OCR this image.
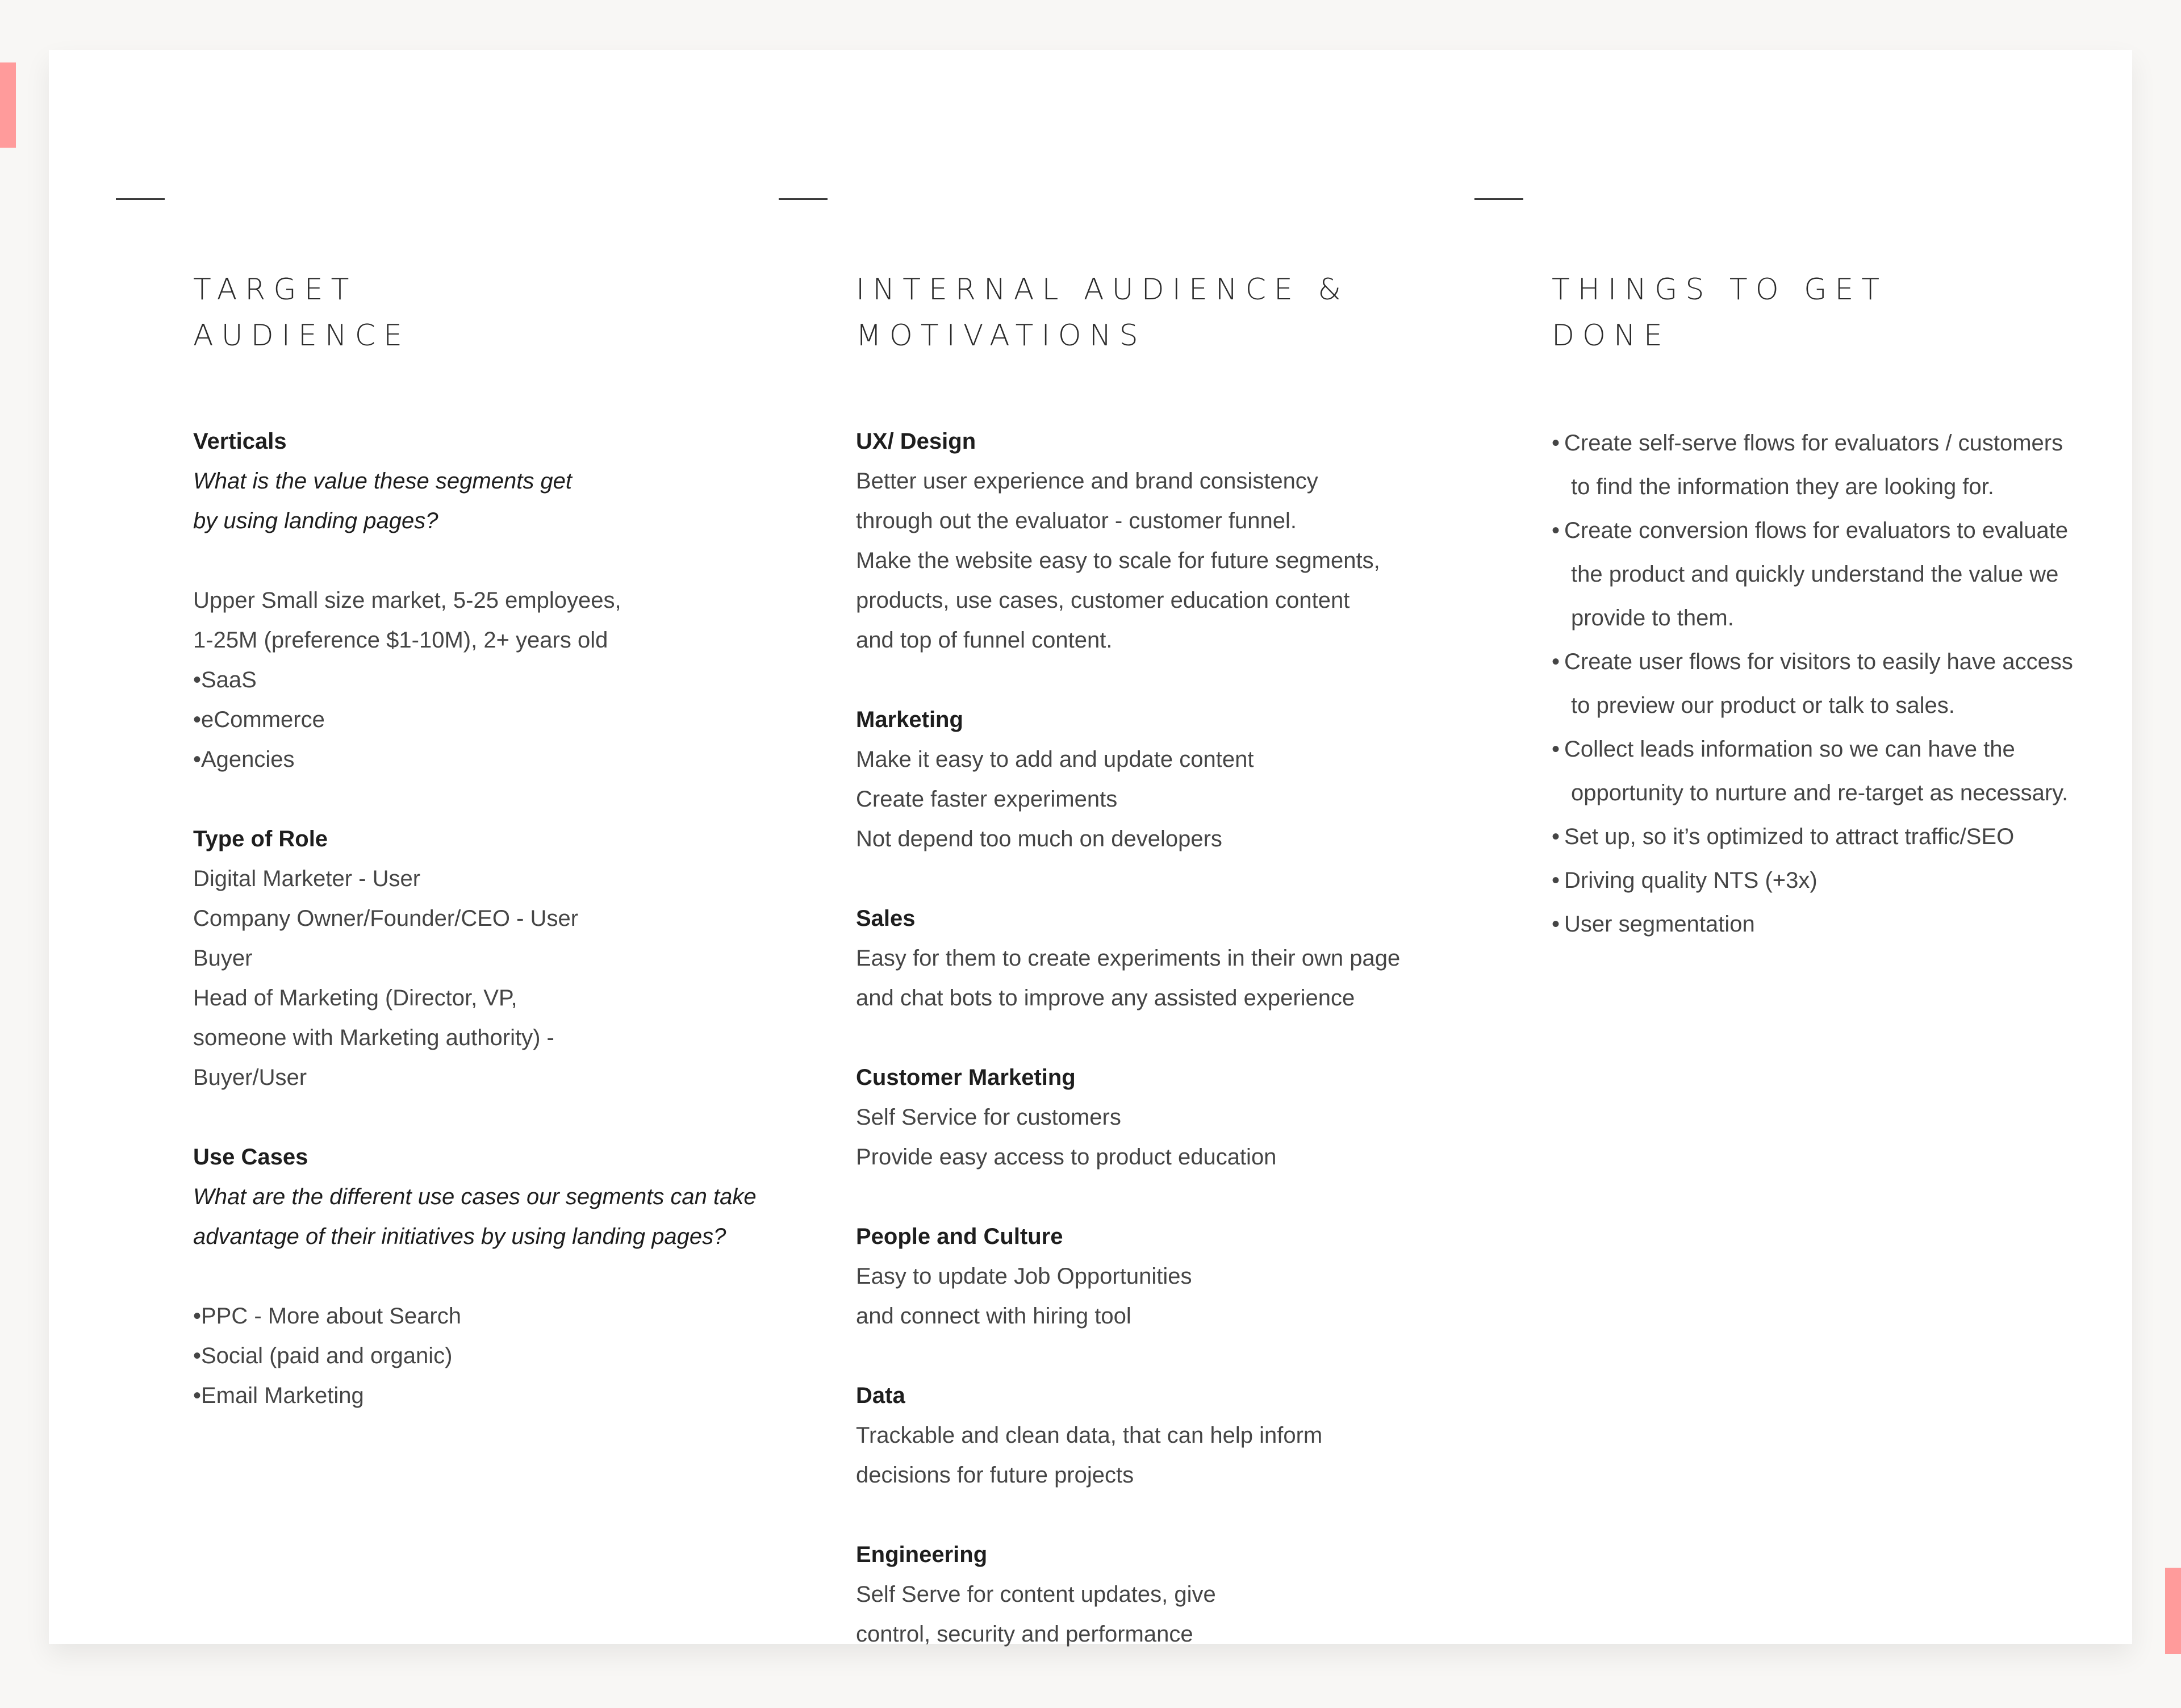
TARGET
AUDIENCE

Verticals
What is the value these segments get
by using landing pages?
Upper Small size market, 5-25 employees,
1-25M (preference $1-10M), 2+ years old
•SaaS
•eCommerce
•Agencies
Type of Role
Digital Marketer - User
Company Owner/Founder/CEO - User
Buyer
Head of Marketing (Director, VP,
someone with Marketing authority) -
Buyer/User
Use Cases
What are the different use cases our segments can take
advantage of their initiatives by using landing pages?
•PPC - More about Search
•Social (paid and organic)
•Email Marketing

INTERNAL AUDIENCE &
MOTIVATIONS

UX/ Design
Better user experience and brand consistency
through out the evaluator - customer funnel.
Make the website easy to scale for future segments,
products, use cases, customer education content
and top of funnel content.
Marketing
Make it easy to add and update content
Create faster experiments
Not depend too much on developers
Sales
Easy for them to create experiments in their own page
and chat bots to improve any assisted experience
Customer Marketing
Self Service for customers
Provide easy access to product education
People and Culture
Easy to update Job Opportunities
and connect with hiring tool
Data
Trackable and clean data, that can help inform
decisions for future projects
Engineering
Self Serve for content updates, give
control, security and performance

THINGS TO GET
DONE

• Create self-serve flows for evaluators / customers
to find the information they are looking for.
• Create conversion flows for evaluators to evaluate
the product and quickly understand the value we
provide to them.
• Create user flows for visitors to easily have access
to preview our product or talk to sales.
• Collect leads information so we can have the
opportunity to nurture and re-target as necessary.
• Set up, so it’s optimized to attract traffic/SEO
• Driving quality NTS (+3x)
• User segmentation
